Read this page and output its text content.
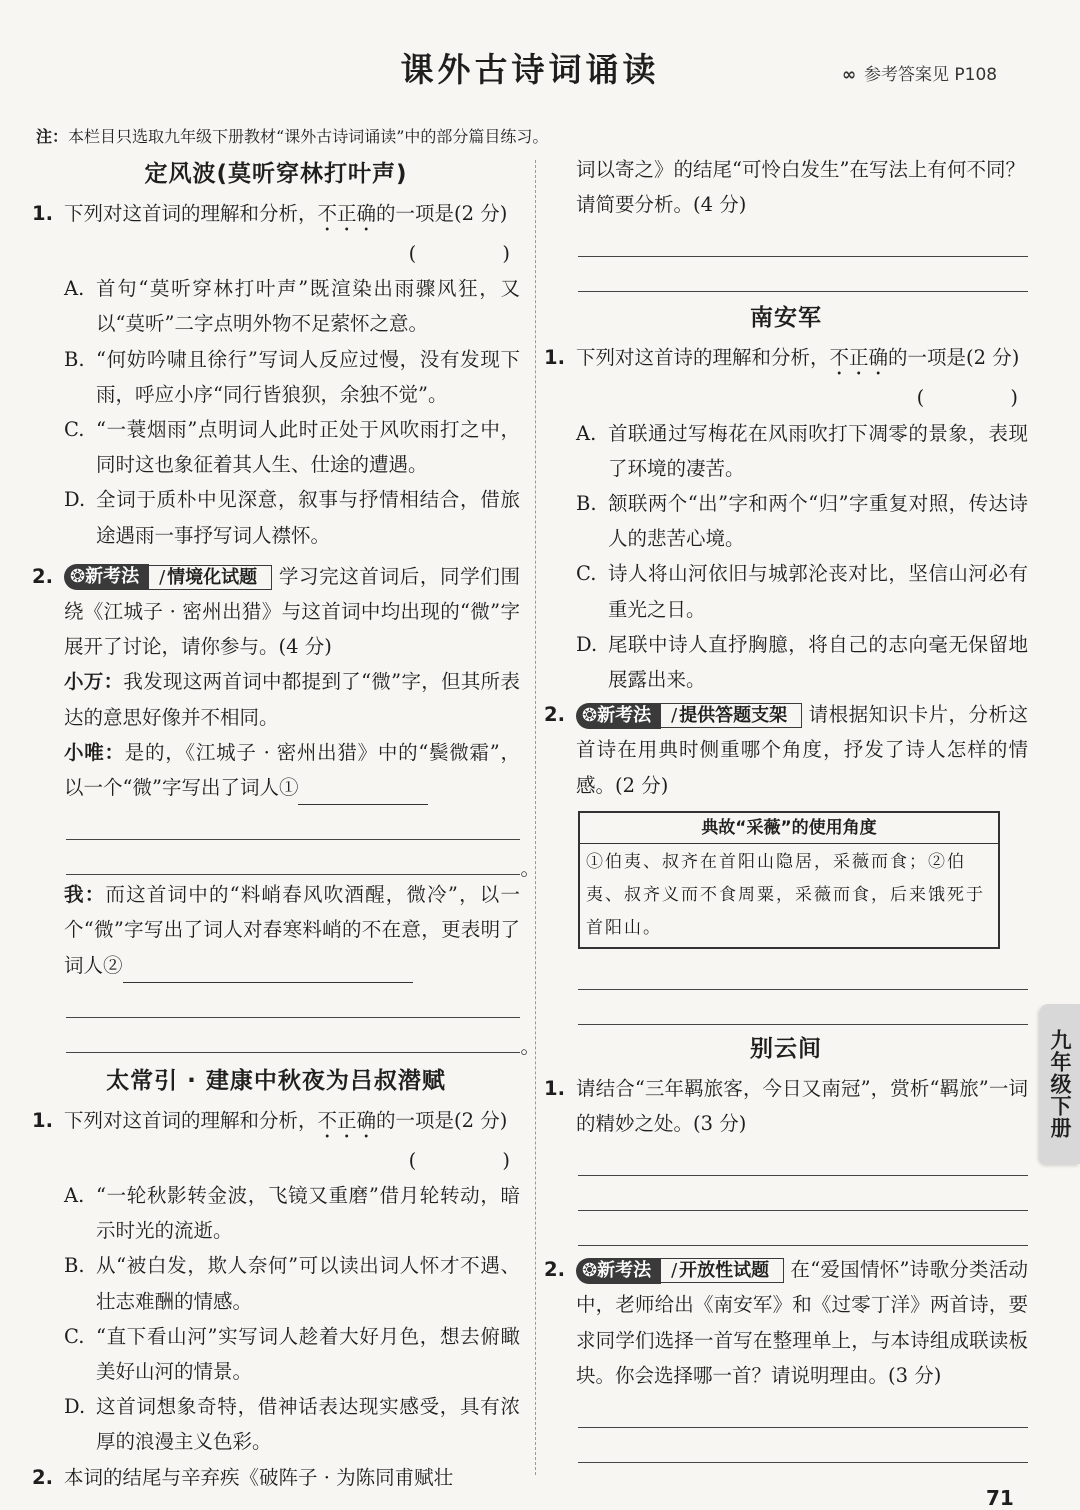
课外古诗词诵读	∞ 参考答案见 P108
注：本栏目只选取九年级下册教材“课外古诗词诵读”中的部分篇目练习。
定风波(莫听穿林打叶声)
1. 下列对这首词的理解和分析，不正确的一项是(2 分)
( )
A. 首句“莫听穿林打叶声”既渲染出雨骤风狂，又以“莫听”二字点明外物不足萦怀之意。
B. “何妨吟啸且徐行”写词人反应过慢，没有发现下雨，呼应小序“同行皆狼狈，余独不觉”。
C. “一蓑烟雨”点明词人此时正处于风吹雨打之中，同时这也象征着其人生、仕途的遭遇。
D. 全词于质朴中见深意，叙事与抒情相结合，借旅途遇雨一事抒写词人襟怀。
2. ❂新考法	/ 情境化试题	学习完这首词后，同学们围绕《江城子 · 密州出猎》与这首词中均出现的“微”字展开了讨论，请你参与。(4 分)
小万：我发现这两首词中都提到了“微”字，但其所表达的意思好像并不相同。
小唯：是的，《江城子 · 密州出猎》中的“鬓微霜”，以一个“微”字写出了词人①
。
我：而这首词中的“料峭春风吹酒醒，微冷”，以一个“微”字写出了词人对春寒料峭的不在意，更表明了词人②
。
太常引 · 建康中秋夜为吕叔潜赋
1. 下列对这首词的理解和分析，不正确的一项是(2 分)
( )
A. “一轮秋影转金波，飞镜又重磨”借月轮转动，暗示时光的流逝。
B. 从“被白发，欺人奈何”可以读出词人怀才不遇、壮志难酬的情感。
C. “直下看山河”实写词人趁着大好月色，想去俯瞰美好山河的情景。
D. 这首词想象奇特，借神话表达现实感受，具有浓厚的浪漫主义色彩。
2. 本词的结尾与辛弃疾《破阵子 · 为陈同甫赋壮
词以寄之》的结尾“可怜白发生”在写法上有何不同？请简要分析。(4 分)
南安军
1. 下列对这首诗的理解和分析，不正确的一项是(2 分)
( )
A. 首联通过写梅花在风雨吹打下凋零的景象，表现了环境的凄苦。
B. 颔联两个“出”字和两个“归”字重复对照，传达诗人的悲苦心境。
C. 诗人将山河依旧与城郭沦丧对比，坚信山河必有重光之日。
D. 尾联中诗人直抒胸臆，将自己的志向毫无保留地展露出来。
2. ❂新考法	/ 提供答题支架	请根据知识卡片，分析这首诗在用典时侧重哪个角度，抒发了诗人怎样的情感。(2 分)
典故“采薇”的使用角度
①伯夷、叔齐在首阳山隐居，采薇而食；②伯夷、叔齐义而不食周粟，采薇而食，后来饿死于首阳山。
别云间
1. 请结合“三年羁旅客，今日又南冠”，赏析“羁旅”一词的精妙之处。(3 分)
2. ❂新考法	/ 开放性试题	在“爱国情怀”诗歌分类活动中，老师给出《南安军》和《过零丁洋》两首诗，要求同学们选择一首写在整理单上，与本诗组成联读板块。你会选择哪一首？请说明理由。(3 分)
九年级下册
71
